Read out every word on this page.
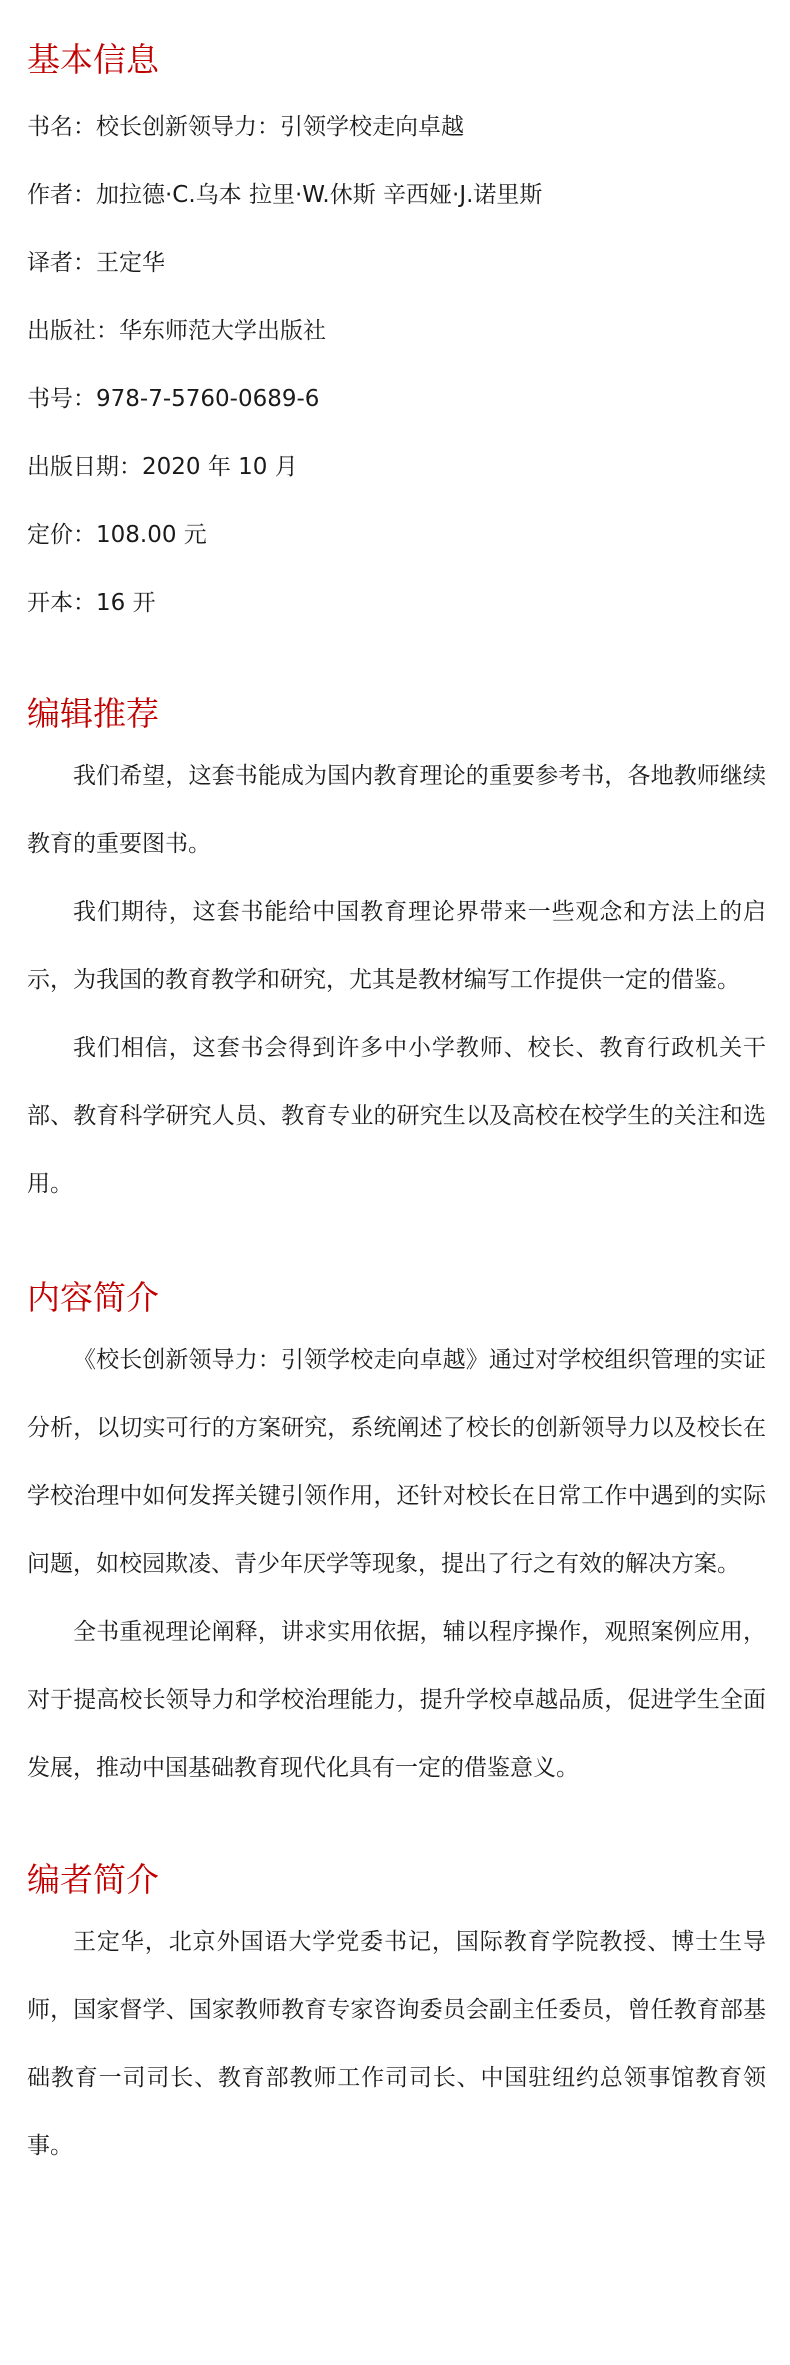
基本信息

书名：校长创新领导力：引领学校走向卓越

作者：加拉德·C.乌本 拉里·W.休斯 辛西娅·J.诺里斯

译者：王定华

出版社：华东师范大学出版社

书号：978-7-5760-0689-6

出版日期：2020 年 10 月

定价：108.00 元

开本：16 开

编辑推荐

我们希望，这套书能成为国内教育理论的重要参考书，各地教师继续教育的重要图书。

我们期待，这套书能给中国教育理论界带来一些观念和方法上的启示，为我国的教育教学和研究，尤其是教材编写工作提供一定的借鉴。

我们相信，这套书会得到许多中小学教师、校长、教育行政机关干部、教育科学研究人员、教育专业的研究生以及高校在校学生的关注和选用。

内容简介

《校长创新领导力：引领学校走向卓越》通过对学校组织管理的实证分析，以切实可行的方案研究，系统阐述了校长的创新领导力以及校长在学校治理中如何发挥关键引领作用，还针对校长在日常工作中遇到的实际问题，如校园欺凌、青少年厌学等现象，提出了行之有效的解决方案。

全书重视理论阐释，讲求实用依据，辅以程序操作，观照案例应用，对于提高校长领导力和学校治理能力，提升学校卓越品质，促进学生全面发展，推动中国基础教育现代化具有一定的借鉴意义。

编者简介

王定华，北京外国语大学党委书记，国际教育学院教授、博士生导师，国家督学、国家教师教育专家咨询委员会副主任委员，曾任教育部基础教育一司司长、教育部教师工作司司长、中国驻纽约总领事馆教育领事。
